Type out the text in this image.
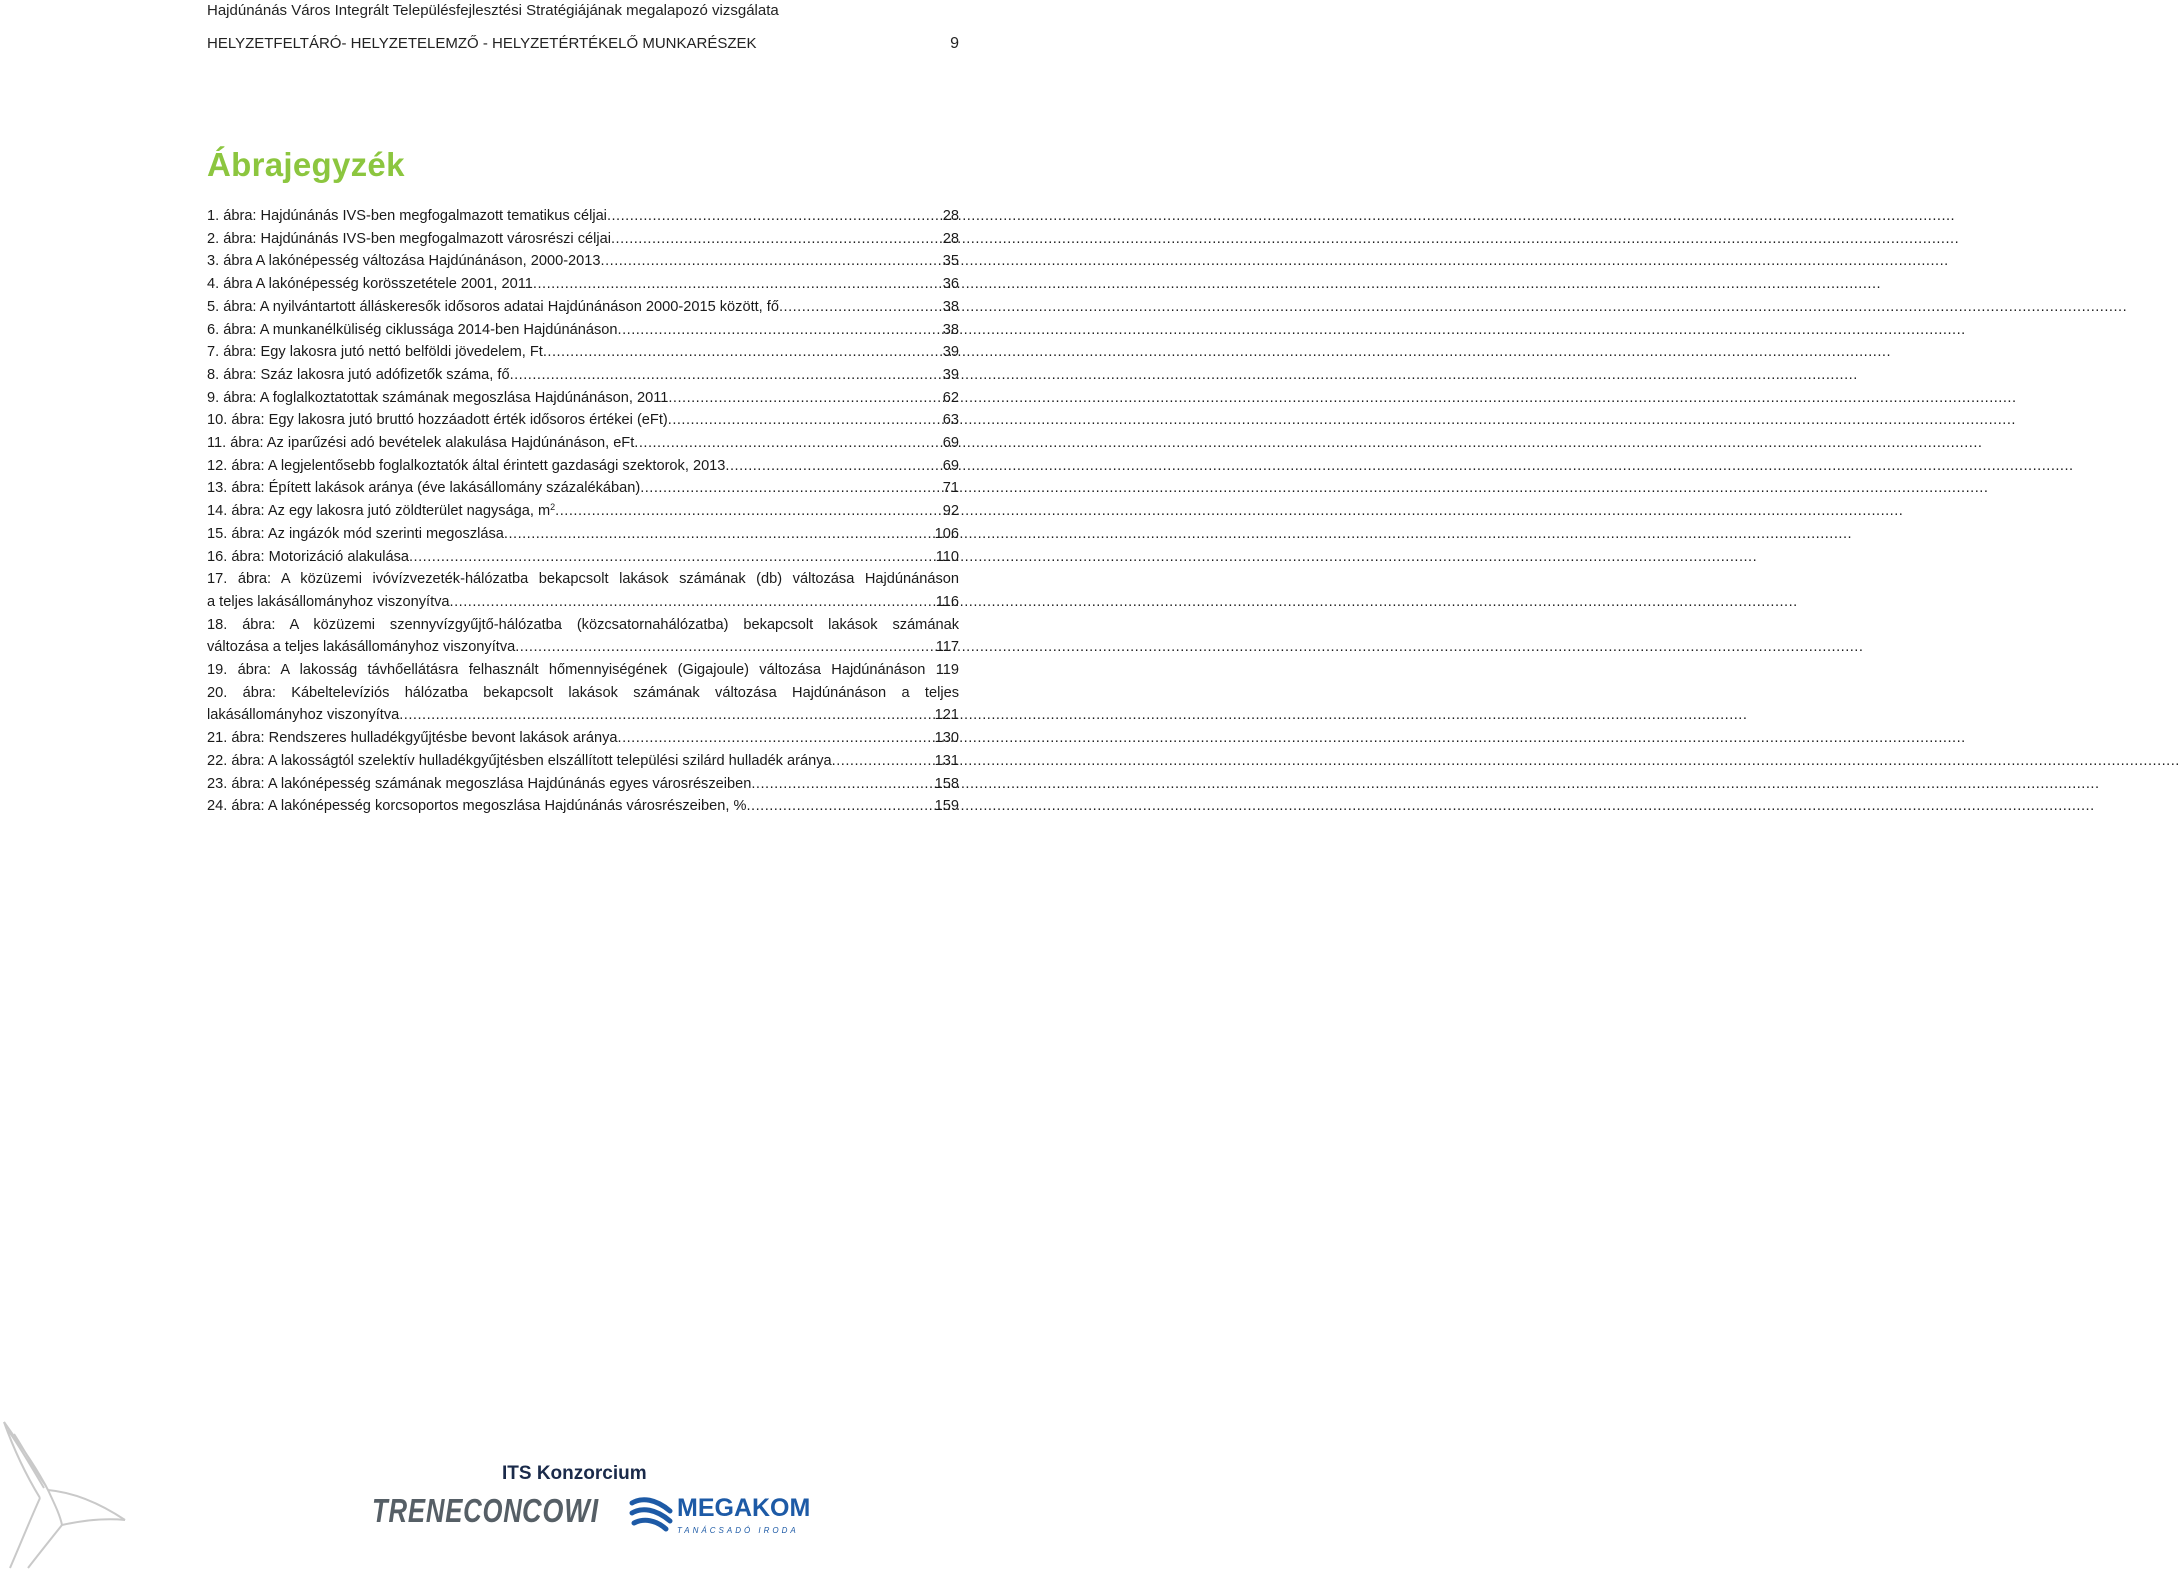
Hajdúnánás Város Integrált Településfejlesztési Stratégiájának megalapozó vizsgálata
HELYZETFELTÁRÓ- HELYZETELEMZŐ - HELYZETÉRTÉKELŐ MUNKARÉSZEK	9
Ábrajegyzék
1. ábra: Hajdúnánás IVS-ben megfogalmazott tematikus céljai .....	28
2. ábra: Hajdúnánás IVS-ben megfogalmazott városrészi céljai .....	28
3. ábra A lakónépesség változása Hajdúnánáson, 2000-2013 .....	35
4. ábra A lakónépesség korösszetétele 2001, 2011 .....	36
5. ábra: A nyilvántartott álláskeresők idősoros adatai Hajdúnánáson 2000-2015 között, fő .....	38
6. ábra: A munkanélküliség ciklussága 2014-ben Hajdúnánáson .....	38
7. ábra: Egy lakosra jutó nettó belföldi jövedelem, Ft .....	39
8. ábra: Száz lakosra jutó adófizetők száma, fő .....	39
9. ábra: A foglalkoztatottak számának megoszlása Hajdúnánáson, 2011 .....	62
10. ábra: Egy lakosra jutó bruttó hozzáadott érték idősoros értékei (eFt) .....	63
11. ábra: Az iparűzési adó bevételek alakulása Hajdúnánáson, eFt .....	69
12. ábra: A legjelentősebb foglalkoztatók által érintett gazdasági szektorok, 2013 .....	69
13. ábra: Épített lakások aránya (éve lakásállomány százalékában) .....	71
14. ábra: Az egy lakosra jutó zöldterület nagysága, $m^2$ .....	92
15. ábra: Az ingázók mód szerinti megoszlása .....	106
16. ábra: Motorizáció alakulása .....	110
17. ábra: A közüzemi ivóvízvezeték-hálózatba bekapcsolt lakások számának (db) változása Hajdúnánáson
a teljes lakásállományhoz viszonyítva .....	116
18. ábra: A közüzemi szennyvízgyűjtő-hálózatba (közcsatornahálózatba) bekapcsolt lakások számának
változása a teljes lakásállományhoz viszonyítva .....	117
19. ábra: A lakosság távhőellátásra felhasznált hőmennyiségének (Gigajoule) változása Hajdúnánáson 119
20. ábra: Kábeltelevíziós hálózatba bekapcsolt lakások számának változása Hajdúnánáson a teljes
lakásállományhoz viszonyítva .....	121
21. ábra: Rendszeres hulladékgyűjtésbe bevont lakások aránya .....	130
22. ábra: A lakosságtól szelektív hulladékgyűjtésben elszállított települési szilárd hulladék aránya .....	131
23. ábra: A lakónépesség számának megoszlása Hajdúnánás egyes városrészeiben .....	158
24. ábra: A lakónépesség korcsoportos megoszlása Hajdúnánás városrészeiben, % .....	159
ITS Konzorcium
TRENECON COWI	MEGAKOM
TANÁCSADÓ IRODA
